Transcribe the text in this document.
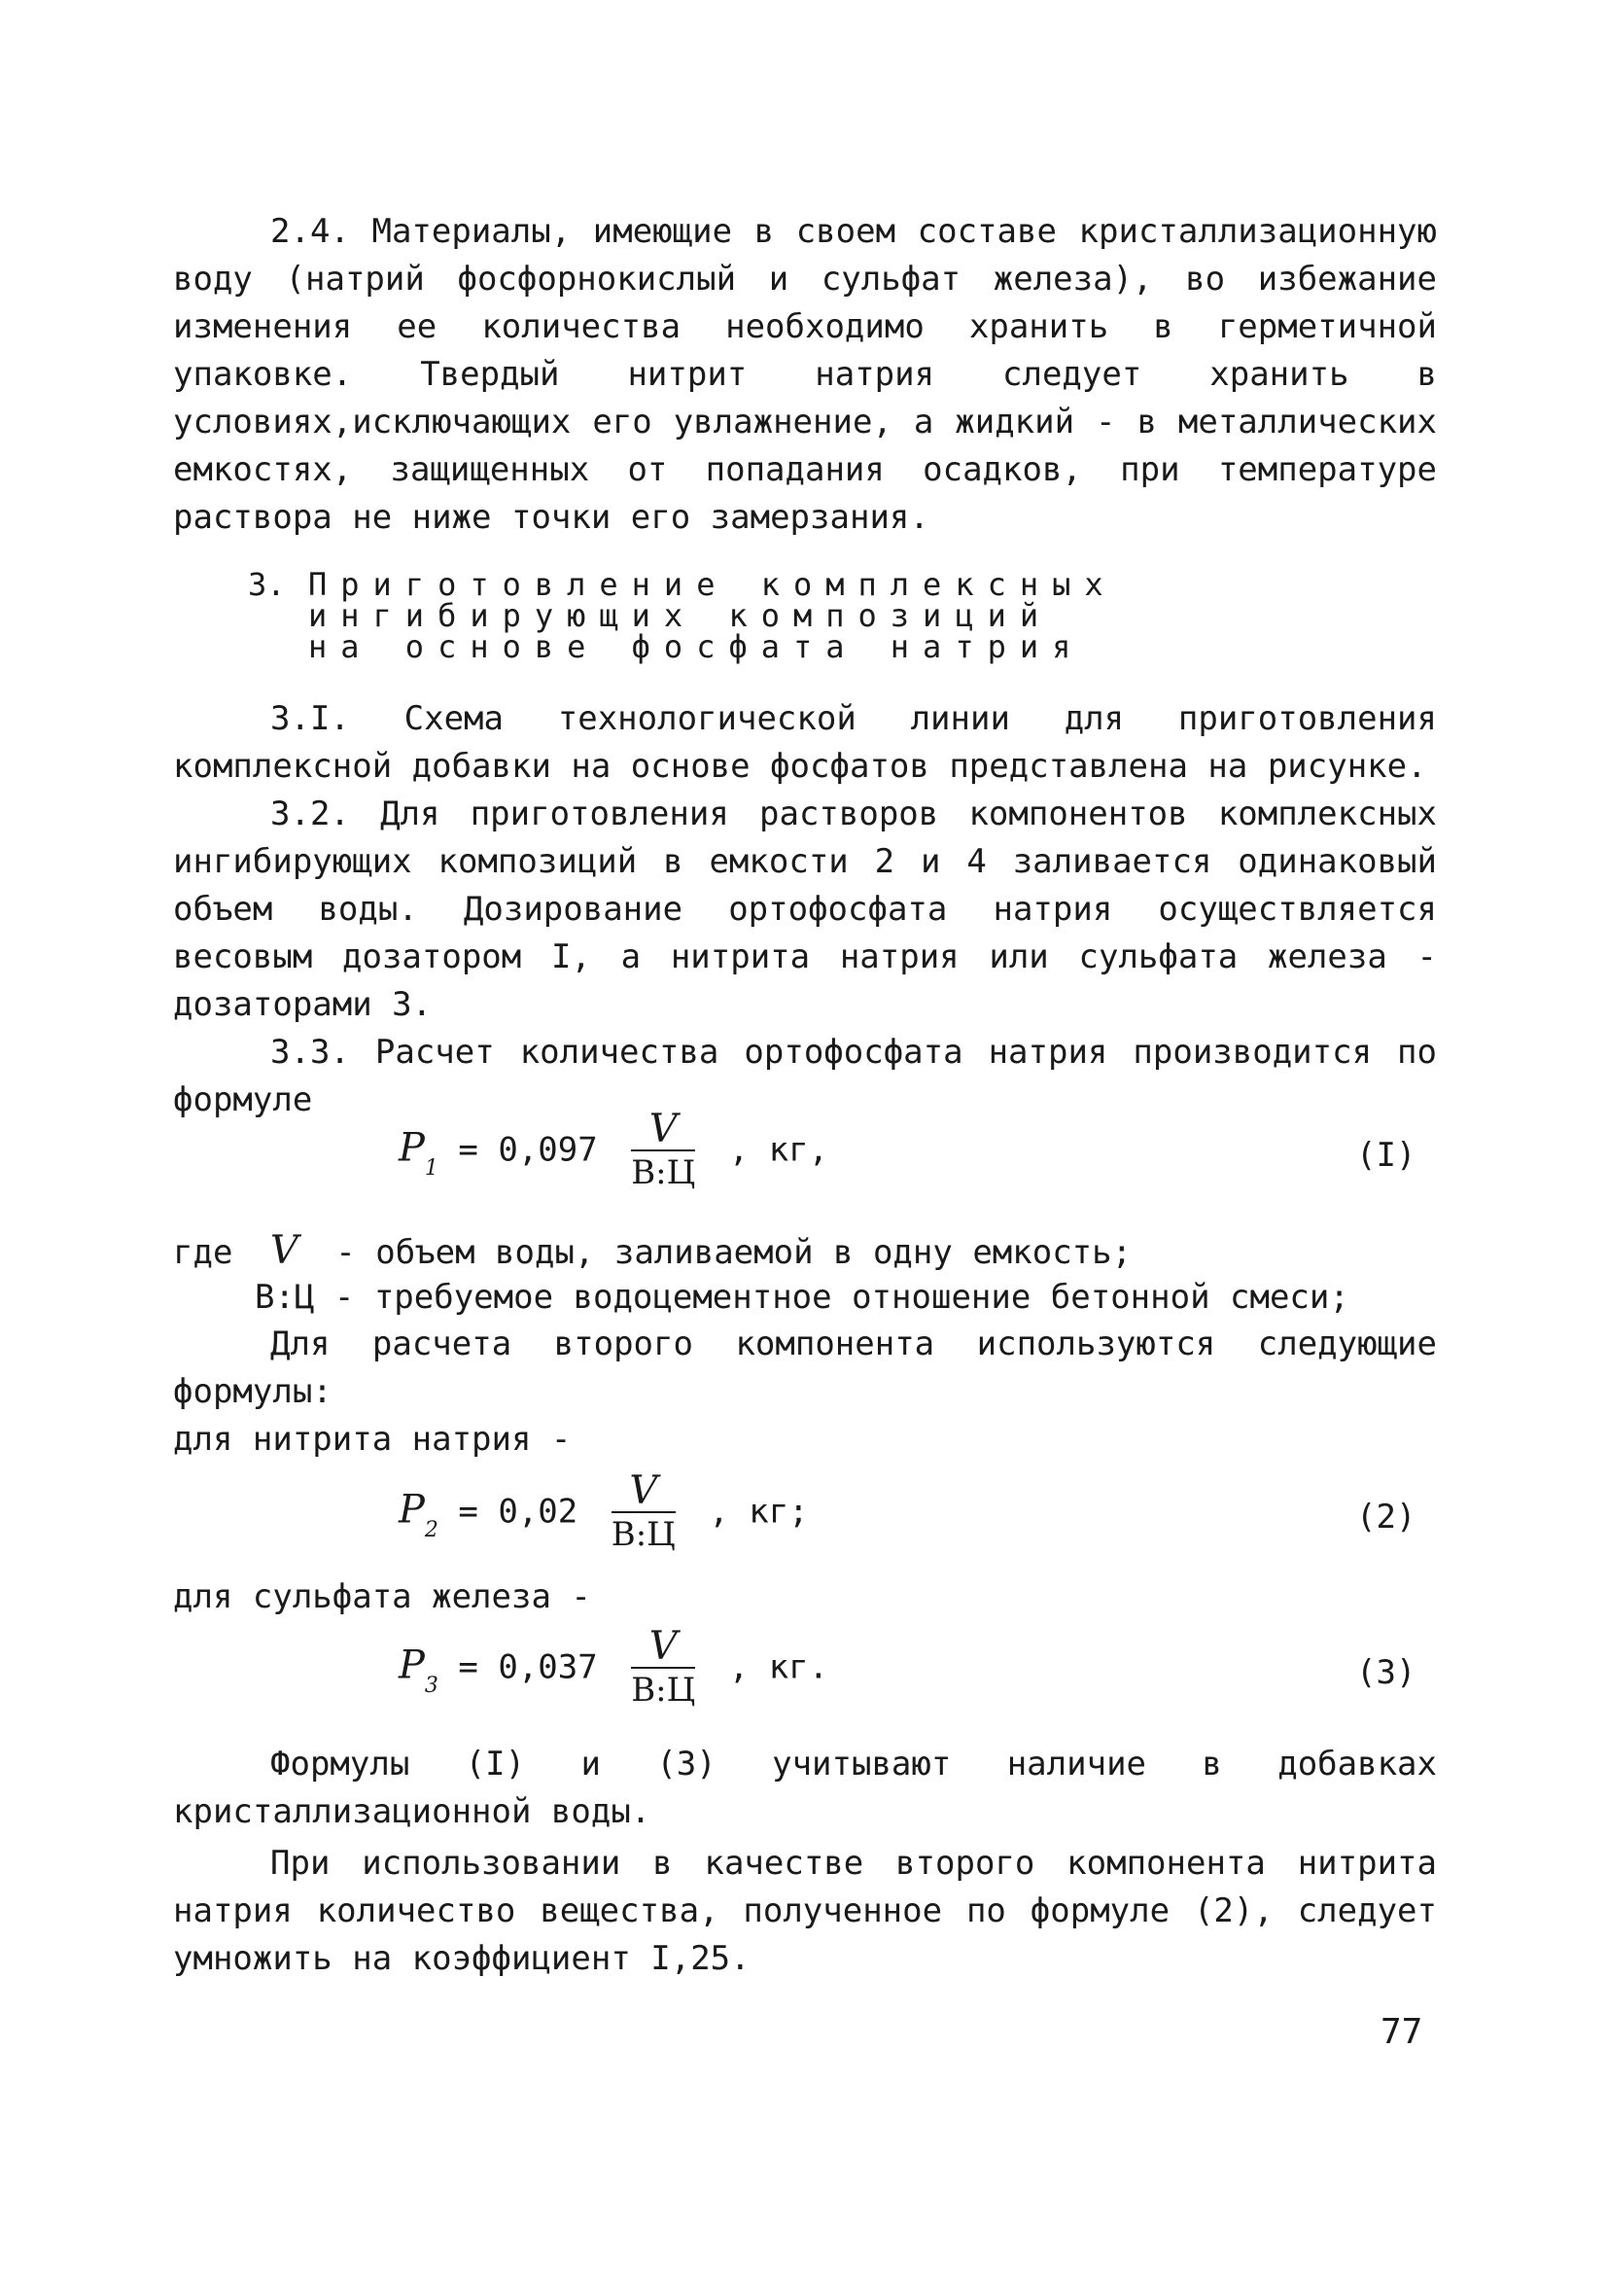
2.4. Материалы, имеющие в своем составе кристаллизационную воду (натрий фосфорнокислый и сульфат железа), во избежание изменения ее количества необходимо хранить в герметичной упаковке. Твердый нитрит натрия следует хранить в условиях,исключающих его увлажнение, а жидкий - в металлических емкостях, защищенных от попадания осадков, при температуре раствора не ниже точки его замерзания.

3. Приготовление комплексных
ингибирующих композиций
на основе фосфата натрия

3.I. Схема технологической линии для приготовления комплексной добавки на основе фосфатов представлена на рисунке.

3.2. Для приготовления растворов компонентов комплексных ингибирующих композиций в емкости 2 и 4 заливается одинаковый объем воды. Дозирование ортофосфата натрия осуществляется весовым дозатором I, а нитрита натрия или сульфата железа - дозаторами 3.

3.3. Расчет количества ортофосфата натрия производится по формуле

$P_1 = 0,097 \frac{V}{В:Ц}$ , кг,	(I)
где V - объем воды, заливаемой в одну емкость;
В:Ц - требуемое водоцементное отношение бетонной смеси;

Для расчета второго компонента используются следующие формулы:

для нитрита натрия -
$P_2 = 0,02 \frac{V}{В:Ц}$ , кг;	(2)
для сульфата железа -
$P_3 = 0,037 \frac{V}{В:Ц}$ , кг.	(3)

Формулы (I) и (3) учитывают наличие в добавках кристаллизационной воды.

При использовании в качестве второго компонента нитрита натрия количество вещества, полученное по формуле (2), следует умножить на коэффициент I,25.

77
